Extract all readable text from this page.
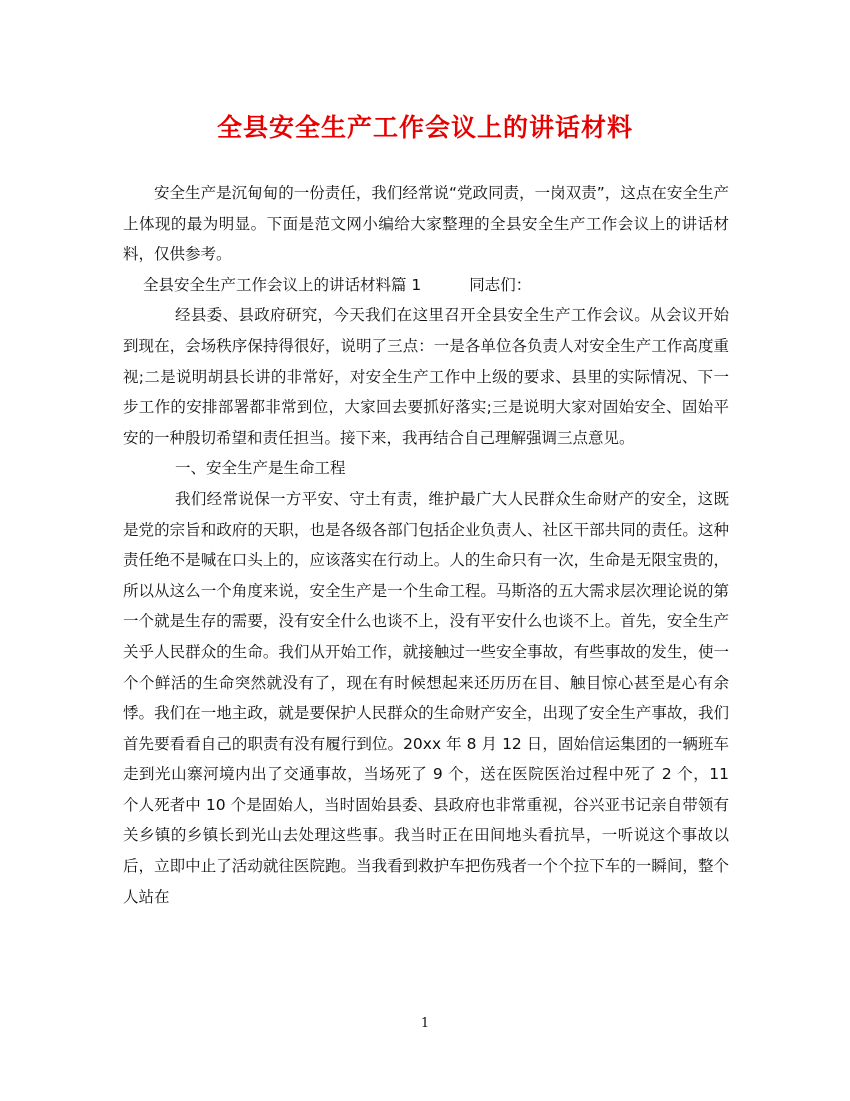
全县安全生产工作会议上的讲话材料

安全生产是沉甸甸的一份责任，我们经常说“党政同责，一岗双责”，这点在安全生产上体现的最为明显。下面是范文网小编给大家整理的全县安全生产工作会议上的讲话材料，仅供参考。

全县安全生产工作会议上的讲话材料篇 1	同志们：

经县委、县政府研究，今天我们在这里召开全县安全生产工作会议。从会议开始到现在，会场秩序保持得很好，说明了三点：一是各单位各负责人对安全生产工作高度重视;二是说明胡县长讲的非常好，对安全生产工作中上级的要求、县里的实际情况、下一步工作的安排部署都非常到位，大家回去要抓好落实;三是说明大家对固始安全、固始平安的一种殷切希望和责任担当。接下来，我再结合自己理解强调三点意见。

一、安全生产是生命工程

我们经常说保一方平安、守土有责，维护最广大人民群众生命财产的安全，这既是党的宗旨和政府的天职，也是各级各部门包括企业负责人、社区干部共同的责任。这种责任绝不是喊在口头上的，应该落实在行动上。人的生命只有一次，生命是无限宝贵的，所以从这么一个角度来说，安全生产是一个生命工程。马斯洛的五大需求层次理论说的第一个就是生存的需要，没有安全什么也谈不上，没有平安什么也谈不上。首先，安全生产关乎人民群众的生命。我们从开始工作，就接触过一些安全事故，有些事故的发生，使一个个鲜活的生命突然就没有了，现在有时候想起来还历历在目、触目惊心甚至是心有余悸。我们在一地主政，就是要保护人民群众的生命财产安全，出现了安全生产事故，我们首先要看看自己的职责有没有履行到位。20xx 年 8 月 12 日，固始信运集团的一辆班车走到光山寨河境内出了交通事故，当场死了 9 个，送在医院医治过程中死了 2 个，11 个人死者中 10 个是固始人，当时固始县委、县政府也非常重视，谷兴亚书记亲自带领有关乡镇的乡镇长到光山去处理这些事。我当时正在田间地头看抗旱，一听说这个事故以后，立即中止了活动就往医院跑。当我看到救护车把伤残者一个个拉下车的一瞬间，整个人站在

1
